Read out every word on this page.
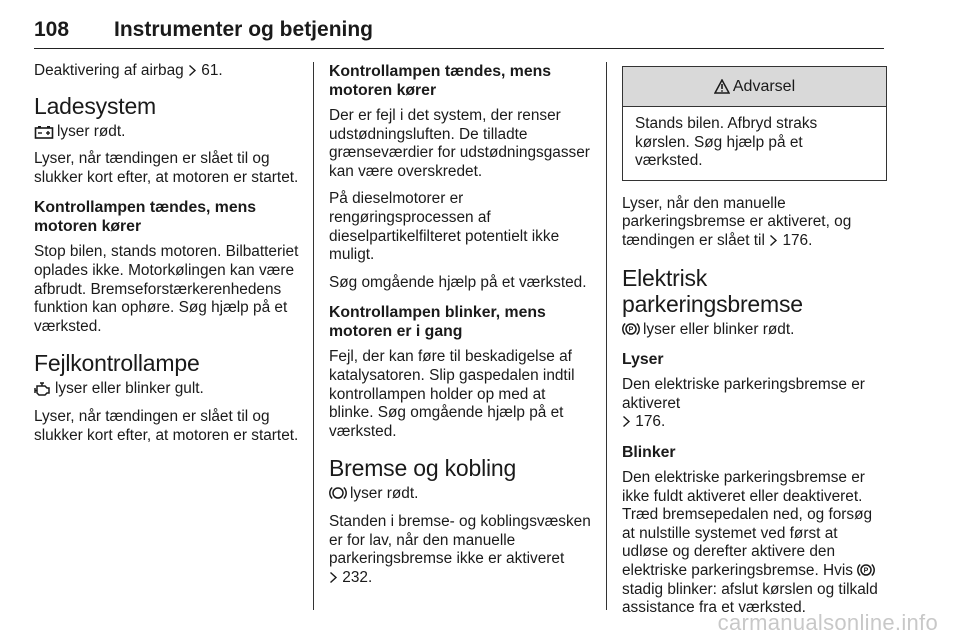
108 Instrumenter og betjening

Deaktivering af airbag 61.

Ladesystem

lyser rødt.

Lyser, når tændingen er slået til og slukker kort efter, at motoren er startet.

Kontrollampen tændes, mens motoren kører

Stop bilen, stands motoren. Bilbatteriet oplades ikke. Motorkølingen kan være afbrudt. Bremseforstærkerenhedens funktion kan ophøre. Søg hjælp på et værksted.

Fejlkontrollampe

lyser eller blinker gult.

Lyser, når tændingen er slået til og slukker kort efter, at motoren er startet.

Kontrollampen tændes, mens motoren kører

Der er fejl i det system, der renser udstødningsluften. De tilladte grænseværdier for udstødningsgasser kan være overskredet.

På dieselmotorer er rengøringsprocessen af dieselpartikelfilteret potentielt ikke muligt.

Søg omgående hjælp på et værksted.

Kontrollampen blinker, mens motoren er i gang

Fejl, der kan føre til beskadigelse af katalysatoren. Slip gaspedalen indtil kontrollampen holder op med at blinke. Søg omgående hjælp på et værksted.

Bremse og kobling

lyser rødt.

Standen i bremse- og koblingsvæsken er for lav, når den manuelle parkeringsbremse ikke er aktiveret
232.

Advarsel

Stands bilen. Afbryd straks kørslen. Søg hjælp på et værksted.

Lyser, når den manuelle parkeringsbremse er aktiveret, og tændingen er slået til 176.

Elektrisk parkeringsbremse

P lyser eller blinker rødt.

Lyser

Den elektriske parkeringsbremse er aktiveret
176.

Blinker

Den elektriske parkeringsbremse er ikke fuldt aktiveret eller deaktiveret. Træd bremsepedalen ned, og forsøg at nulstille systemet ved først at udløse og derefter aktivere den elektriske parkeringsbremse. Hvis P
stadig blinker: afslut kørslen og tilkald assistance fra et værksted.

carmanualsonline.info
